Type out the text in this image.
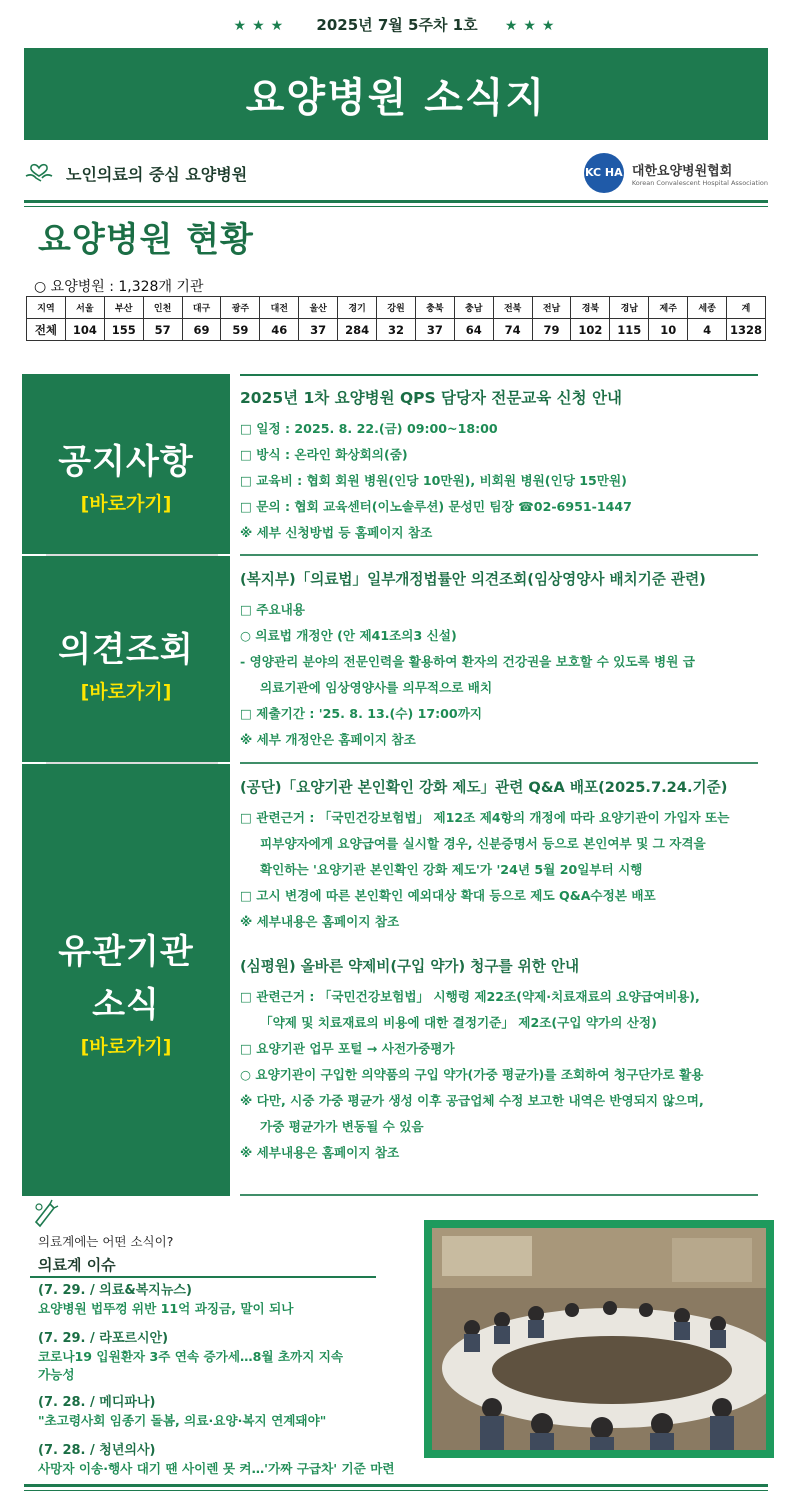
★★★ 2025년 7월 5주차 1호 ★★★
요양병원 소식지
노인의료의 중심 요양병원	KC HA 대한요양병원협회
Korean Convalescent Hospital Association
요양병원 현황
○ 요양병원 : 1,328개 기관
지역	서울	부산	인천	대구	광주	대전	울산	경기	강원	충북	충남	전북	전남	경북	경남	제주	세종	계
전체	104	155	57	69	59	46	37	284	32	37	64	74	79	102	115	10	4	1328
공지사항
[바로가기]
2025년 1차 요양병원 QPS 담당자 전문교육 신청 안내
□ 일정 : 2025. 8. 22.(금) 09:00~18:00
□ 방식 : 온라인 화상회의(줌)
□ 교육비 : 협회 회원 병원(인당 10만원), 비회원 병원(인당 15만원)
□ 문의 : 협회 교육센터(이노솔루션) 문성민 팀장 ☎02-6951-1447
※ 세부 신청방법 등 홈페이지 참조
의견조회
[바로가기]
(복지부)「의료법」일부개정법률안 의견조회(임상영양사 배치기준 관련)
□ 주요내용
○ 의료법 개정안 (안 제41조의3 신설)
- 영양관리 분야의 전문인력을 활용하여 환자의 건강권을 보호할 수 있도록 병원 급
의료기관에 임상영양사를 의무적으로 배치
□ 제출기간 : '25. 8. 13.(수) 17:00까지
※ 세부 개정안은 홈페이지 참조
유관기관
소식
[바로가기]
(공단)「요양기관 본인확인 강화 제도」관련 Q&A 배포(2025.7.24.기준)
□ 관련근거 : 「국민건강보험법」 제12조 제4항의 개정에 따라 요양기관이 가입자 또는
피부양자에게 요양급여를 실시할 경우, 신분증명서 등으로 본인여부 및 그 자격을
확인하는 '요양기관 본인확인 강화 제도'가 '24년 5월 20일부터 시행
□ 고시 변경에 따른 본인확인 예외대상 확대 등으로 제도 Q&A수정본 배포
※ 세부내용은 홈페이지 참조
(심평원) 올바른 약제비(구입 약가) 청구를 위한 안내
□ 관련근거 : 「국민건강보험법」 시행령 제22조(약제·치료재료의 요양급여비용),
「약제 및 치료재료의 비용에 대한 결정기준」 제2조(구입 약가의 산정)
□ 요양기관 업무 포털 → 사전가중평가
○ 요양기관이 구입한 의약품의 구입 약가(가중 평균가)를 조회하여 청구단가로 활용
※ 다만, 시중 가중 평균가 생성 이후 공급업체 수정 보고한 내역은 반영되지 않으며,
가중 평균가가 변동될 수 있음
※ 세부내용은 홈페이지 참조
의료계에는 어떤 소식이?
의료계 이슈
(7. 29. / 의료&복지뉴스)
요양병원 법뚜껑 위반 11억 과징금, 말이 되나
(7. 29. / 라포르시안)
코로나19 입원환자 3주 연속 증가세…8월 초까지 지속
가능성
(7. 28. / 메디파나)
"초고령사회 임종기 돌봄, 의료·요양·복지 연계돼야"
(7. 28. / 청년의사)
사망자 이송·행사 대기 땐 사이렌 못 켜…'가짜 구급차' 기준 마련
